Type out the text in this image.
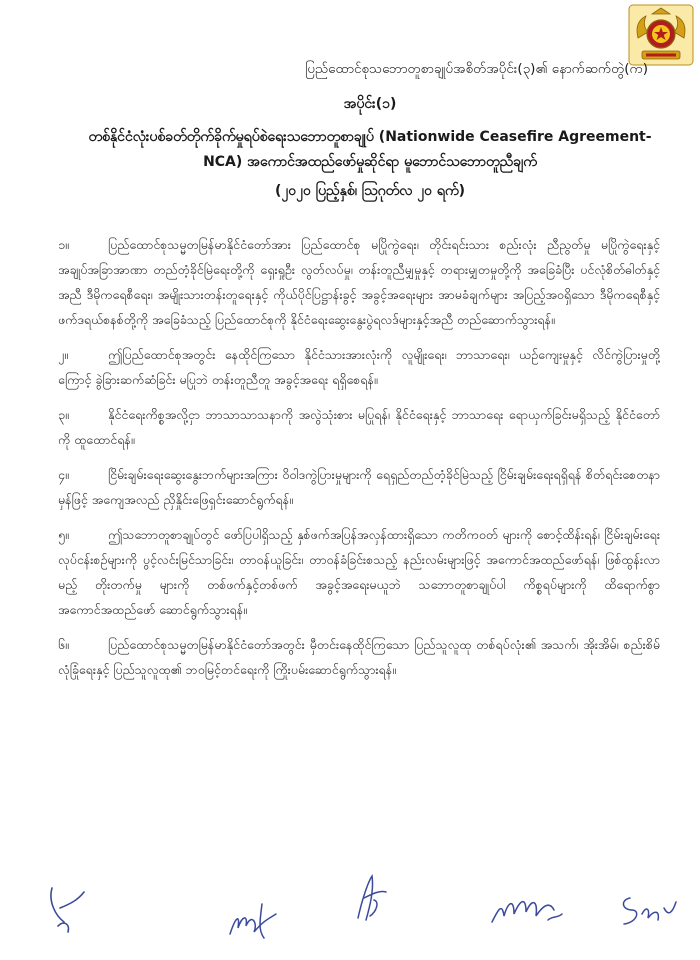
ပြည်ထောင်စုသဘောတူစာချုပ်အစိတ်အပိုင်း(၃)၏ နောက်ဆက်တွဲ(က)
အပိုင်း(၁)
တစ်နိုင်ငံလုံးပစ်ခတ်တိုက်ခိုက်မှုရပ်စဲရေးသဘောတူစာချုပ် (Nationwide Ceasefire Agreement-NCA) အကောင်အထည်ဖော်မှုဆိုင်ရာ မူဘောင်သဘောတူညီချက်
(၂၀၂၀ ပြည့်နှစ်၊ ဩဂုတ်လ ၂၀ ရက်)

၁။	ပြည်ထောင်စုသမ္မတမြန်မာနိုင်ငံတော်အား ပြည်ထောင်စု မပြိုကွဲရေး၊ တိုင်းရင်းသား စည်းလုံး ညီညွတ်မှု မပြိုကွဲရေးနှင့် အချုပ်အခြာအာဏာ တည်တံ့ခိုင်မြဲရေးတို့ကို ရှေးရှုဦး လွတ်လပ်မှု၊ တန်းတူညီမျှမှုနှင့် တရားမျှတမှုတို့ကို အခြေခံပြီး ပင်လုံစိတ်ဓါတ်နှင့်အညီ ဒီမိုကရေစီရေး၊ အမျိုးသားတန်းတူရေးနှင့် ကိုယ်ပိုင်ပြဋ္ဌာန်းခွင့် အခွင့်အရေးများ အာမခံချက်များ အပြည့်အဝရှိသော ဒီမိုကရေစီနှင့် ဖက်ဒရယ်စနစ်တို့ကို အခြေခံသည့် ပြည်ထောင်စုကို နိုင်ငံရေးဆွေးနွေးပွဲရလဒ်များနှင့်အညီ တည်ဆောက်သွားရန်။

၂။	ဤပြည်ထောင်စုအတွင်း နေထိုင်ကြသော နိုင်ငံသားအားလုံးကို လူမျိုးရေး၊ ဘာသာရေး၊ ယဉ်ကျေးမှုနှင့် လိင်ကွဲပြားမှုတို့ကြောင့် ခွဲခြားဆက်ဆံခြင်း မပြုဘဲ တန်းတူညီတူ အခွင့်အရေး ရရှိစေရန်။

၃။	နိုင်ငံရေးကိစ္စအလို့ငှာ ဘာသာသာသနာကို အလွဲသုံးစား မပြုရန်၊ နိုင်ငံရေးနှင့် ဘာသာရေး ရောယှက်ခြင်းမရှိသည့် နိုင်ငံတော်ကို ထူထောင်ရန်။

၄။	ငြိမ်းချမ်းရေးဆွေးနွေးဘက်များအကြား ဝိဝါဒကွဲပြားမှုများကို ရေရှည်တည်တံ့ခိုင်မြဲသည့် ငြိမ်းချမ်းရေးရရှိရန် စိတ်ရင်းစေတနာမှန်ဖြင့် အကျေအလည် ညှိနှိုင်းဖြေရှင်းဆောင်ရွက်ရန်။

၅။	ဤသဘောတူစာချုပ်တွင် ဖော်ပြပါရှိသည့် နှစ်ဖက်အပြန်အလှန်ထားရှိသော ကတိကဝတ် များကို စောင့်ထိန်းရန်၊ ငြိမ်းချမ်းရေးလုပ်ငန်းစဉ်များကို ပွင့်လင်းမြင်သာခြင်း၊ တာဝန်ယူခြင်း၊ တာဝန်ခံခြင်းစသည့် နည်းလမ်းများဖြင့် အကောင်အထည်ဖော်ရန်၊ ဖြစ်ထွန်းလာမည့် တိုးတက်မှု များကို တစ်ဖက်နှင့်တစ်ဖက် အခွင့်အရေးမယူဘဲ သဘောတူစာချုပ်ပါ ကိစ္စရပ်များကို ထိရောက်စွာ အကောင်အထည်ဖော် ဆောင်ရွက်သွားရန်။

၆။	ပြည်ထောင်စုသမ္မတမြန်မာနိုင်ငံတော်အတွင်း မှီတင်းနေထိုင်ကြသော ပြည်သူလူထု တစ်ရပ်လုံး၏ အသက်၊ အိုးအိမ်၊ စည်းစိမ်လုံခြုံရေးနှင့် ပြည်သူလူထု၏ ဘဝမြင့်တင်ရေးကို ကြိုးပမ်းဆောင်ရွက်သွားရန်။
